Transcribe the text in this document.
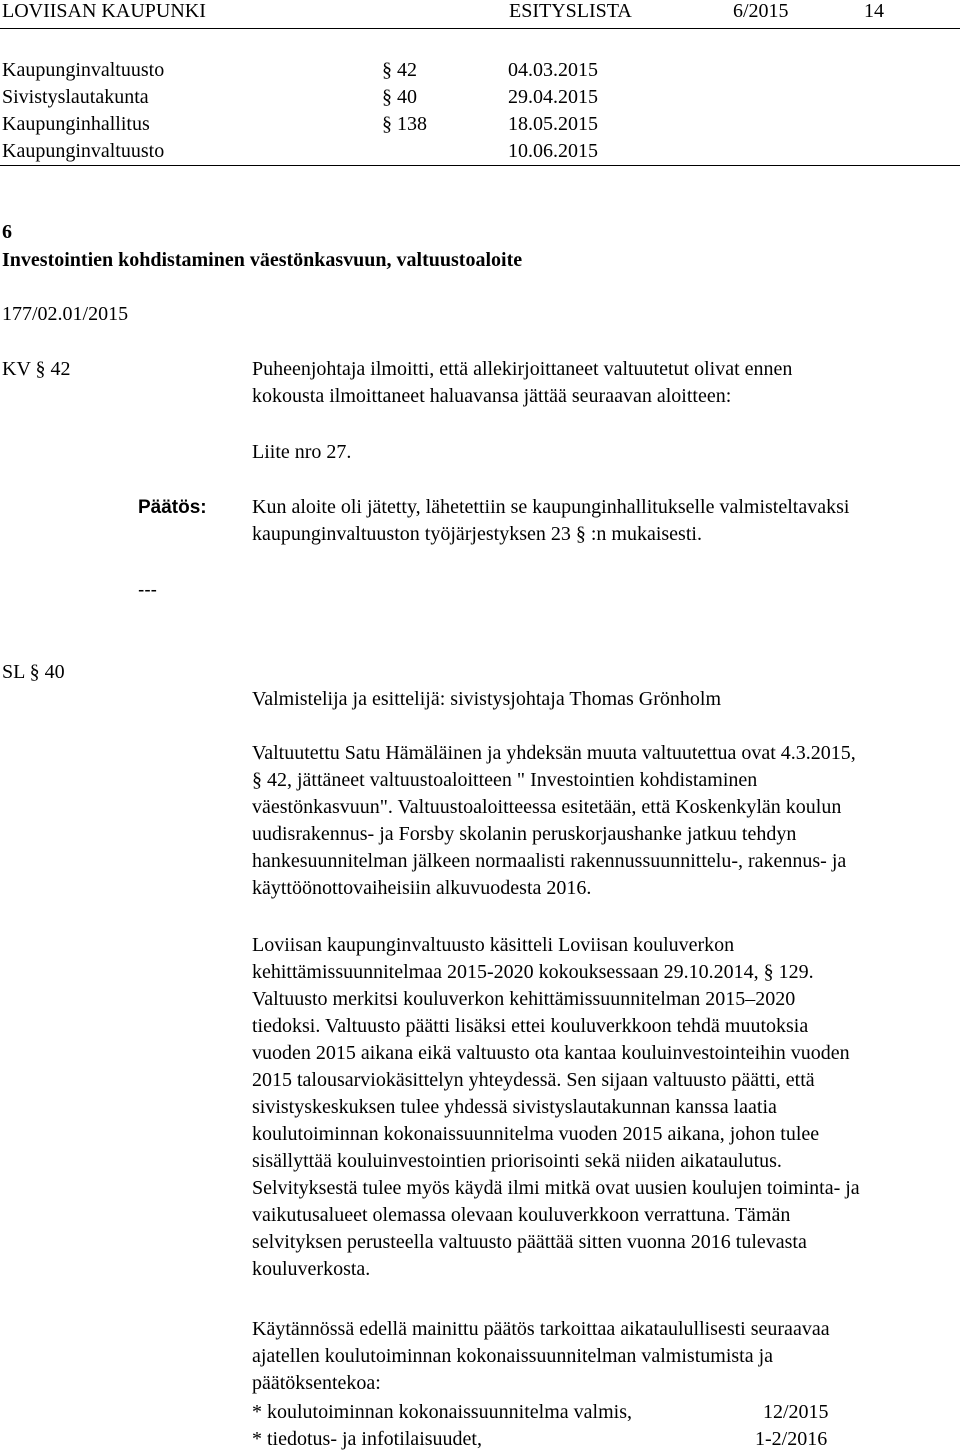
LOVIISAN KAUPUNKI	ESITYSLISTA	6/2015	14
Kaupunginvaltuusto	§ 42	04.03.2015
Sivistyslautakunta	§ 40	29.04.2015
Kaupunginhallitus	§ 138	18.05.2015
Kaupunginvaltuusto	10.06.2015
6
Investointien kohdistaminen väestönkasvuun, valtuustoaloite
177/02.01/2015
KV § 42	Puheenjohtaja ilmoitti, että allekirjoittaneet valtuutetut olivat ennen
kokousta ilmoittaneet haluavansa jättää seuraavan aloitteen:
Liite nro 27.
Päätös: Kun aloite oli jätetty, lähetettiin se kaupunginhallitukselle valmisteltavaksi
kaupunginvaltuuston työjärjestyksen 23 § :n mukaisesti.
---
SL § 40
Valmistelija ja esittelijä: sivistysjohtaja Thomas Grönholm
Valtuutettu Satu Hämäläinen ja yhdeksän muuta valtuutettua ovat 4.3.2015,
§ 42, jättäneet valtuustoaloitteen " Investointien kohdistaminen
väestönkasvuun". Valtuustoaloitteessa esitetään, että Koskenkylän koulun
uudisrakennus- ja Forsby skolanin peruskorjaushanke jatkuu tehdyn
hankesuunnitelman jälkeen normaalisti rakennussuunnittelu-, rakennus- ja
käyttöönottovaiheisiin alkuvuodesta 2016.
Loviisan kaupunginvaltuusto käsitteli Loviisan kouluverkon
kehittämissuunnitelmaa 2015-2020 kokouksessaan 29.10.2014, § 129.
Valtuusto merkitsi kouluverkon kehittämissuunnitelman 2015–2020
tiedoksi. Valtuusto päätti lisäksi ettei kouluverkkoon tehdä muutoksia
vuoden 2015 aikana eikä valtuusto ota kantaa kouluinvestointeihin vuoden
2015 talousarviokäsittelyn yhteydessä. Sen sijaan valtuusto päätti, että
sivistyskeskuksen tulee yhdessä sivistyslautakunnan kanssa laatia
koulutoiminnan kokonaissuunnitelma vuoden 2015 aikana, johon tulee
sisällyttää kouluinvestointien priorisointi sekä niiden aikataulutus.
Selvityksestä tulee myös käydä ilmi mitkä ovat uusien koulujen toiminta- ja
vaikutusalueet olemassa olevaan kouluverkkoon verrattuna. Tämän
selvityksen perusteella valtuusto päättää sitten vuonna 2016 tulevasta
kouluverkosta.
Käytännössä edellä mainittu päätös tarkoittaa aikataulullisesti seuraavaa
ajatellen koulutoiminnan kokonaissuunnitelman valmistumista ja
päätöksentekoa:
* koulutoiminnan kokonaissuunnitelma valmis,	12/2015
* tiedotus- ja infotilaisuudet,	1-2/2016
